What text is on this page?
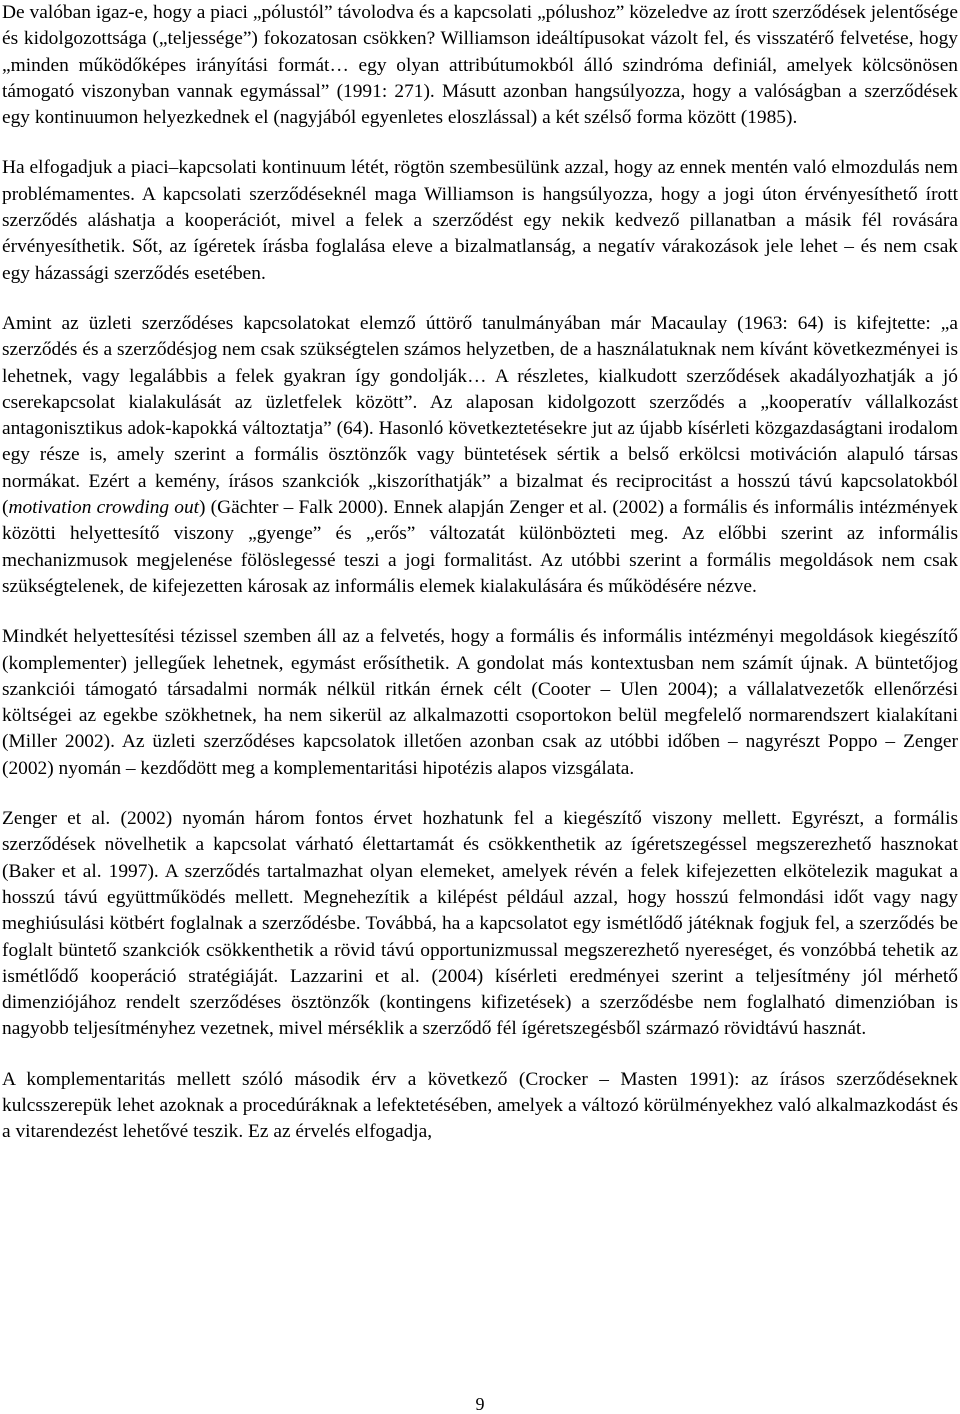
De valóban igaz-e, hogy a piaci „pólustól” távolodva és a kapcsolati „pólushoz” közeledve az írott szerződések jelentősége és kidolgozottsága („teljessége”) fokozatosan csökken? Williamson ideáltípusokat vázolt fel, és visszatérő felvetése, hogy „minden működőképes irányítási formát… egy olyan attribútumokból álló szindróma definiál, amelyek kölcsönösen támogató viszonyban vannak egymással” (1991: 271). Másutt azonban hangsúlyozza, hogy a valóságban a szerződések egy kontinuumon helyezkednek el (nagyjából egyenletes eloszlással) a két szélső forma között (1985).

Ha elfogadjuk a piaci–kapcsolati kontinuum létét, rögtön szembesülünk azzal, hogy az ennek mentén való elmozdulás nem problémamentes. A kapcsolati szerződéseknél maga Williamson is hangsúlyozza, hogy a jogi úton érvényesíthető írott szerződés aláshatja a kooperációt, mivel a felek a szerződést egy nekik kedvező pillanatban a másik fél rovására érvényesíthetik. Sőt, az ígéretek írásba foglalása eleve a bizalmatlanság, a negatív várakozások jele lehet – és nem csak egy házassági szerződés esetében.

Amint az üzleti szerződéses kapcsolatokat elemző úttörő tanulmányában már Macaulay (1963: 64) is kifejtette: „a szerződés és a szerződésjog nem csak szükségtelen számos helyzetben, de a használatuknak nem kívánt következményei is lehetnek, vagy legalábbis a felek gyakran így gondolják… A részletes, kialkudott szerződések akadályozhatják a jó cserekapcsolat kialakulását az üzletfelek között”. Az alaposan kidolgozott szerződés a „kooperatív vállalkozást antagonisztikus adok-kapokká változtatja” (64). Hasonló következtetésekre jut az újabb kísérleti közgazdaságtani irodalom egy része is, amely szerint a formális ösztönzők vagy büntetések sértik a belső erkölcsi motiváción alapuló társas normákat. Ezért a kemény, írásos szankciók „kiszoríthatják” a bizalmat és reciprocitást a hosszú távú kapcsolatokból (motivation crowding out) (Gächter – Falk 2000). Ennek alapján Zenger et al. (2002) a formális és informális intézmények közötti helyettesítő viszony „gyenge” és „erős” változatát különbözteti meg. Az előbbi szerint az informális mechanizmusok megjelenése fölöslegessé teszi a jogi formalitást. Az utóbbi szerint a formális megoldások nem csak szükségtelenek, de kifejezetten károsak az informális elemek kialakulására és működésére nézve.

Mindkét helyettesítési tézissel szemben áll az a felvetés, hogy a formális és informális intézményi megoldások kiegészítő (komplementer) jellegűek lehetnek, egymást erősíthetik. A gondolat más kontextusban nem számít újnak. A büntetőjog szankciói támogató társadalmi normák nélkül ritkán érnek célt (Cooter – Ulen 2004); a vállalatvezetők ellenőrzési költségei az egekbe szökhetnek, ha nem sikerül az alkalmazotti csoportokon belül megfelelő normarendszert kialakítani (Miller 2002). Az üzleti szerződéses kapcsolatok illetően azonban csak az utóbbi időben – nagyrészt Poppo – Zenger (2002) nyomán – kezdődött meg a komplementaritási hipotézis alapos vizsgálata.

Zenger et al. (2002) nyomán három fontos érvet hozhatunk fel a kiegészítő viszony mellett. Egyrészt, a formális szerződések növelhetik a kapcsolat várható élettartamát és csökkenthetik az ígéretszegéssel megszerezhető hasznokat (Baker et al. 1997). A szerződés tartalmazhat olyan elemeket, amelyek révén a felek kifejezetten elkötelezik magukat a hosszú távú együttműködés mellett. Megnehezítik a kilépést például azzal, hogy hosszú felmondási időt vagy nagy meghiúsulási kötbért foglalnak a szerződésbe. Továbbá, ha a kapcsolatot egy ismétlődő játéknak fogjuk fel, a szerződés be foglalt büntető szankciók csökkenthetik a rövid távú opportunizmussal megszerezhető nyereséget, és vonzóbbá tehetik az ismétlődő kooperáció stratégiáját. Lazzarini et al. (2004) kísérleti eredményei szerint a teljesítmény jól mérhető dimenziójához rendelt szerződéses ösztönzők (kontingens kifizetések) a szerződésbe nem foglalható dimenzióban is nagyobb teljesítményhez vezetnek, mivel mérséklik a szerződő fél ígéretszegésből származó rövidtávú hasznát.

A komplementaritás mellett szóló második érv a következő (Crocker – Masten 1991): az írásos szerződéseknek kulcsszerepük lehet azoknak a procedúráknak a lefektetésében, amelyek a változó körülményekhez való alkalmazkodást és a vitarendezést lehetővé teszik. Ez az érvelés elfogadja,

9
